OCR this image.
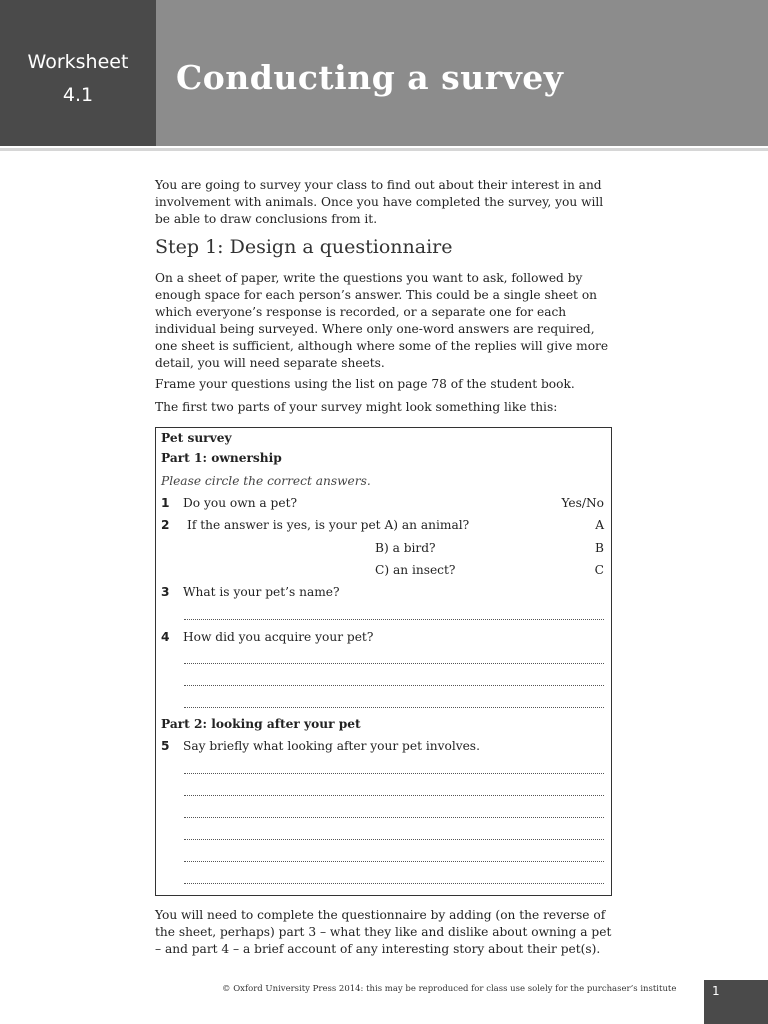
Worksheet
4.1	Conducting a survey

You are going to survey your class to find out about their interest in and involvement with animals. Once you have completed the survey, you will be able to draw conclusions from it.

Step 1: Design a questionnaire

On a sheet of paper, write the questions you want to ask, followed by enough space for each person’s answer. This could be a single sheet on which everyone’s response is recorded, or a separate one for each individual being surveyed. Where only one-word answers are required, one sheet is sufficient, although where some of the replies will give more detail, you will need separate sheets.

Frame your questions using the list on page 78 of the student book.

The first two parts of your survey might look something like this:

Pet survey
Part 1: ownership
Please circle the correct answers.
1 Do you own a pet?	Yes/No
2 If the answer is yes, is your pet A) an animal?	A
B) a bird?	B
C) an insect?	C
3 What is your pet’s name?
4 How did you acquire your pet?
Part 2: looking after your pet
5 Say briefly what looking after your pet involves.

You will need to complete the questionnaire by adding (on the reverse of the sheet, perhaps) part 3 – what they like and dislike about owning a pet – and part 4 – a brief account of any interesting story about their pet(s).

© Oxford University Press 2014: this may be reproduced for class use solely for the purchaser’s institute	1
